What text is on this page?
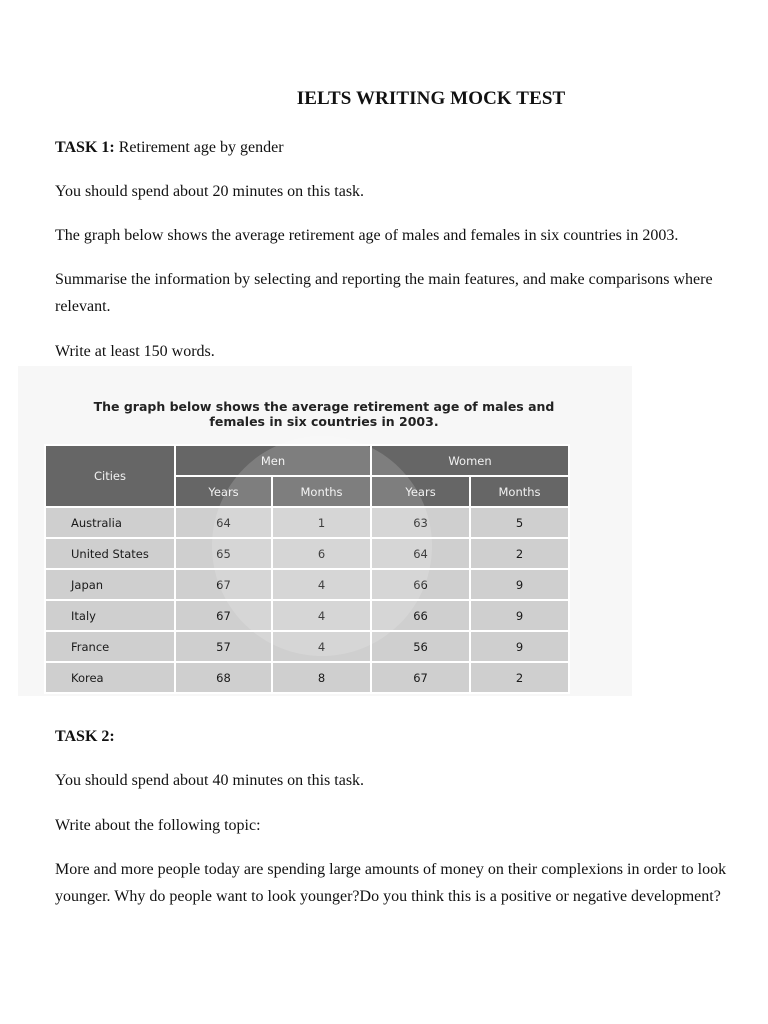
IELTS WRITING MOCK TEST

TASK 1: Retirement age by gender

You should spend about 20 minutes on this task.

The graph below shows the average retirement age of males and females in six countries in 2003.

Summarise the information by selecting and reporting the main features, and make comparisons where relevant.

Write at least 150 words.

The graph below shows the average retirement age of males and
females in six countries in 2003.
Cities	Men		Women	
	Years	Months	Years	Months
Australia	64	1	63	5
United States	65	6	64	2
Japan	67	4	66	9
Italy	67	4	66	9
France	57	4	56	9
Korea	68	8	67	2

TASK 2:

You should spend about 40 minutes on this task.

Write about the following topic:

More and more people today are spending large amounts of money on their complexions in order to look younger. Why do people want to look younger?Do you think this is a positive or negative development?
